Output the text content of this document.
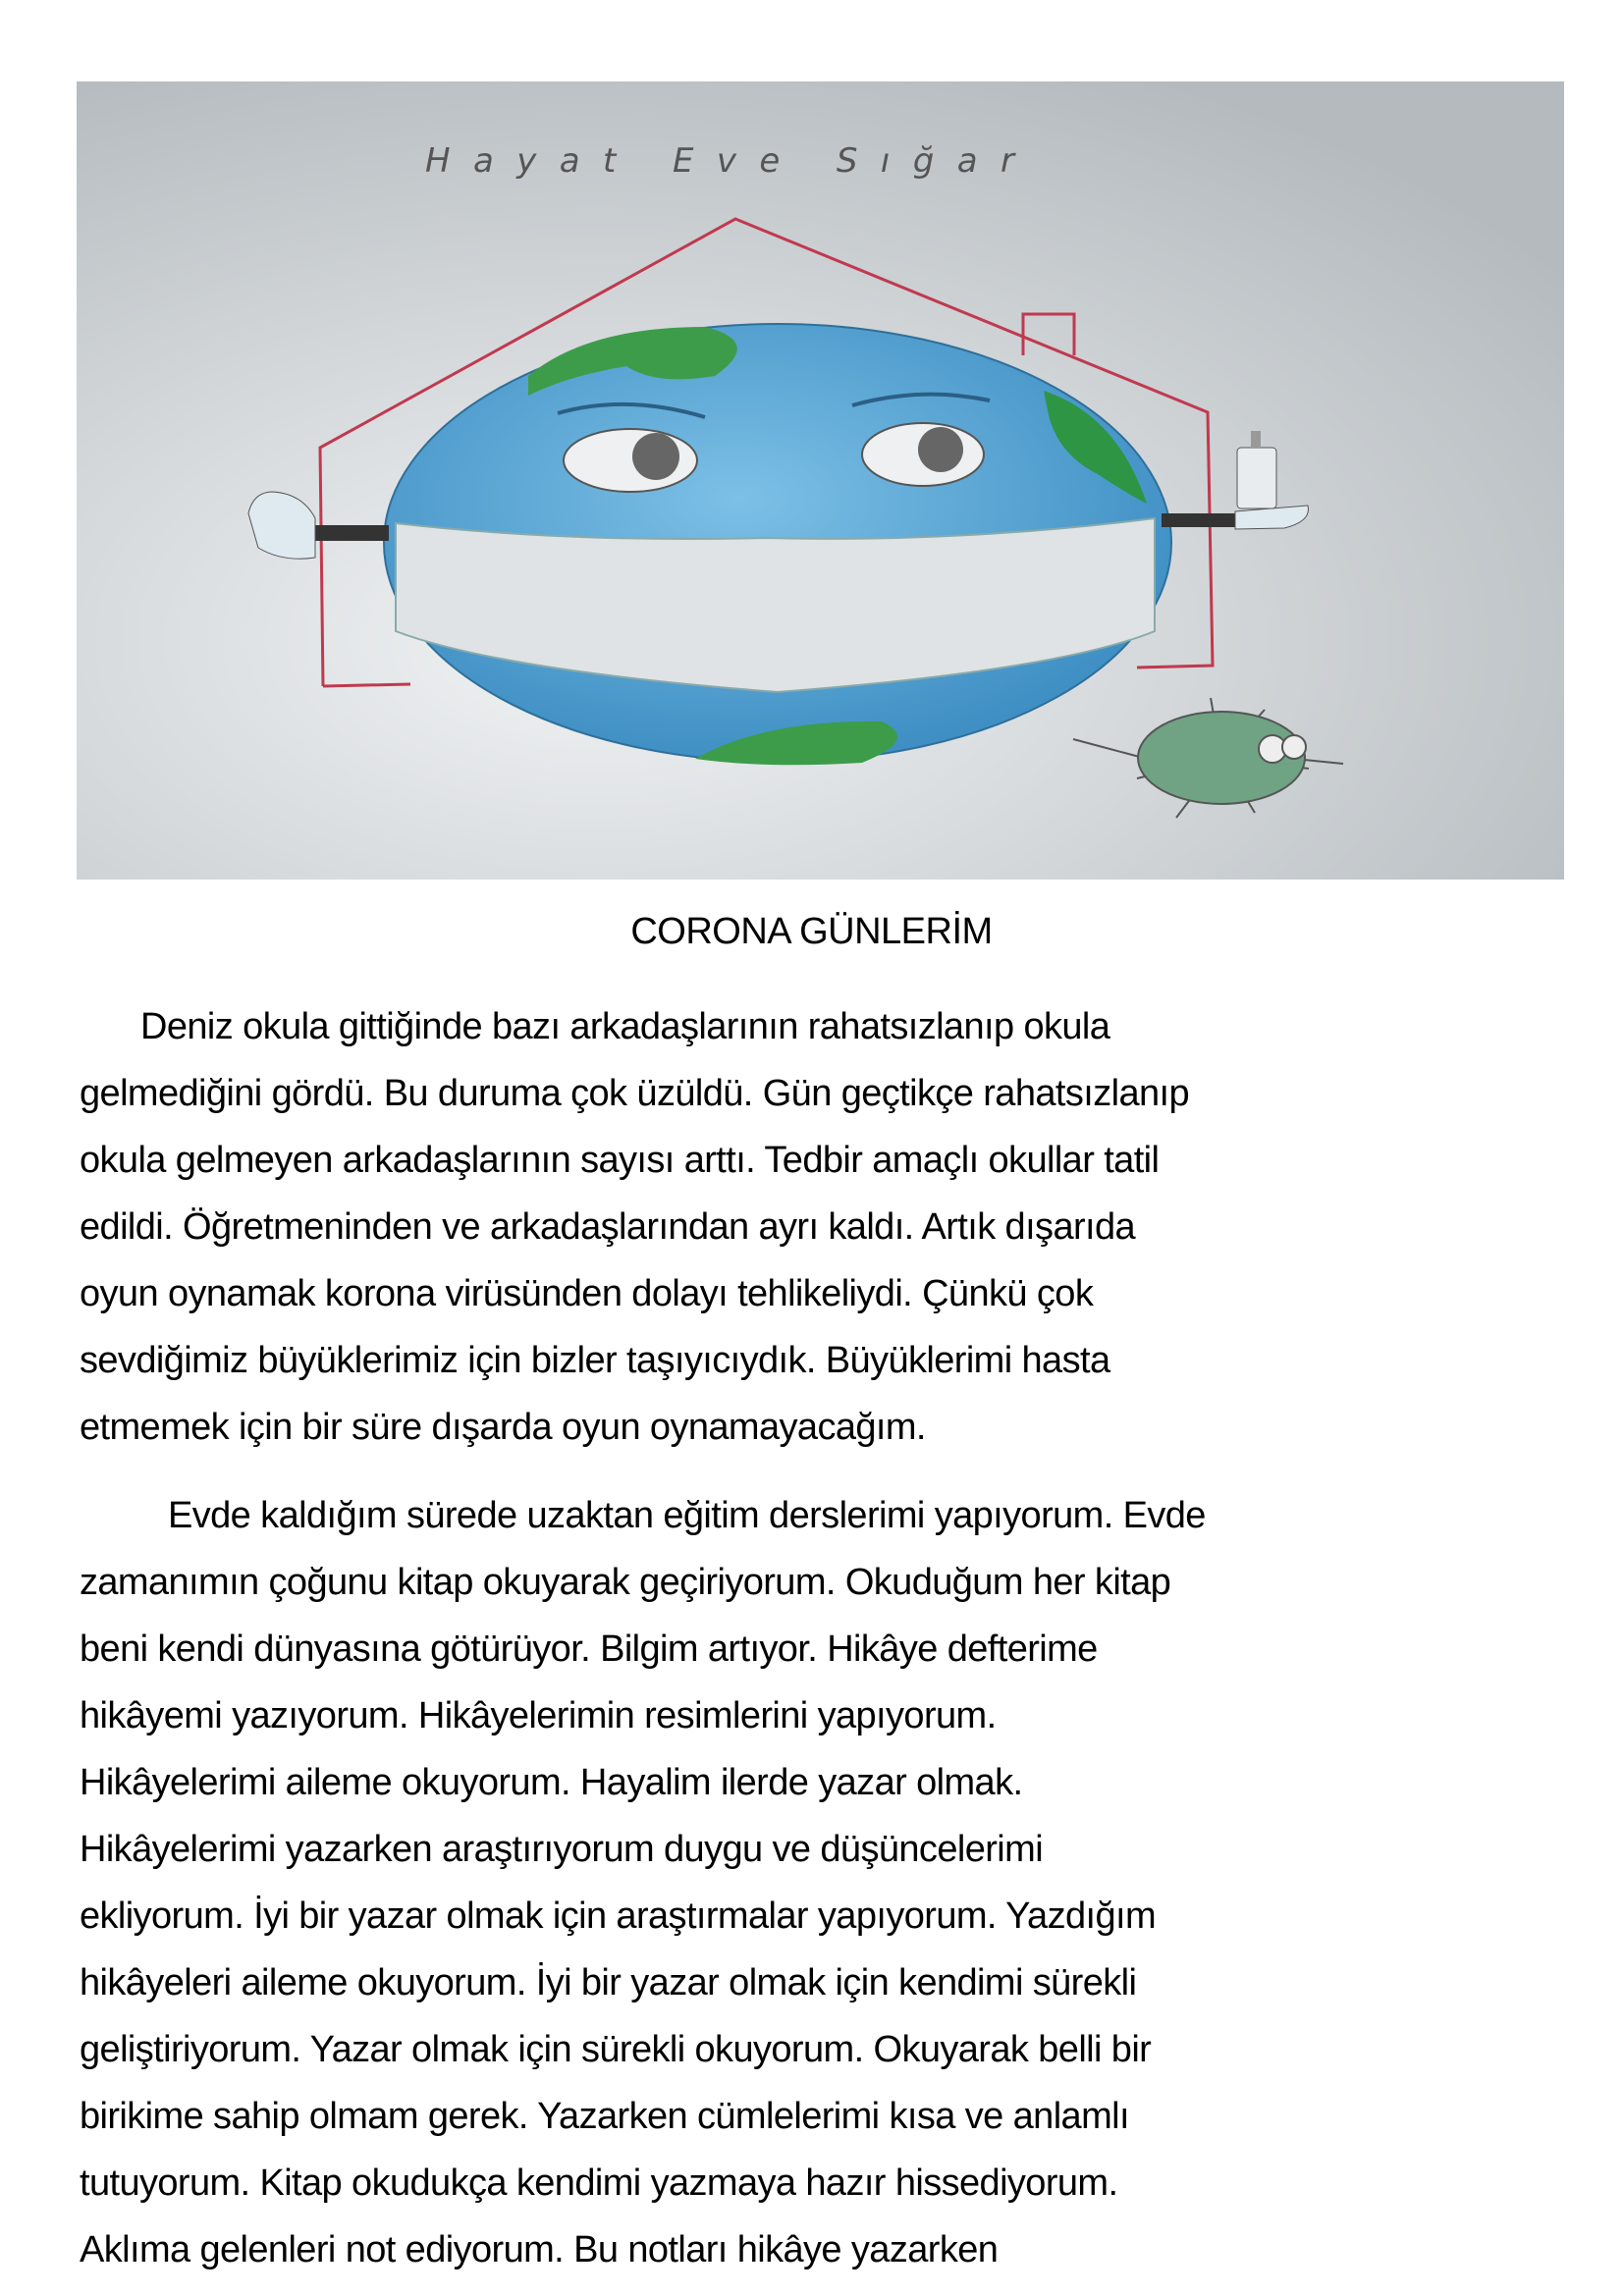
Hayat Eve Sığar
CORONA GÜNLERİM
Deniz okula gittiğinde bazı arkadaşlarının rahatsızlanıp okula
gelmediğini gördü. Bu duruma çok üzüldü. Gün geçtikçe rahatsızlanıp
okula gelmeyen arkadaşlarının sayısı arttı. Tedbir amaçlı okullar tatil
edildi. Öğretmeninden ve arkadaşlarından ayrı kaldı. Artık dışarıda
oyun oynamak korona virüsünden dolayı tehlikeliydi. Çünkü çok
sevdiğimiz büyüklerimiz için bizler taşıyıcıydık. Büyüklerimi hasta
etmemek için bir süre dışarda oyun oynamayacağım.
Evde kaldığım sürede uzaktan eğitim derslerimi yapıyorum. Evde
zamanımın çoğunu kitap okuyarak geçiriyorum. Okuduğum her kitap
beni kendi dünyasına götürüyor. Bilgim artıyor. Hikâye defterime
hikâyemi yazıyorum. Hikâyelerimin resimlerini yapıyorum.
Hikâyelerimi aileme okuyorum. Hayalim ilerde yazar olmak.
Hikâyelerimi yazarken araştırıyorum duygu ve düşüncelerimi
ekliyorum. İyi bir yazar olmak için araştırmalar yapıyorum. Yazdığım
hikâyeleri aileme okuyorum. İyi bir yazar olmak için kendimi sürekli
geliştiriyorum. Yazar olmak için sürekli okuyorum. Okuyarak belli bir
birikime sahip olmam gerek. Yazarken cümlelerimi kısa ve anlamlı
tutuyorum. Kitap okudukça kendimi yazmaya hazır hissediyorum.
Aklıma gelenleri not ediyorum. Bu notları hikâye yazarken
